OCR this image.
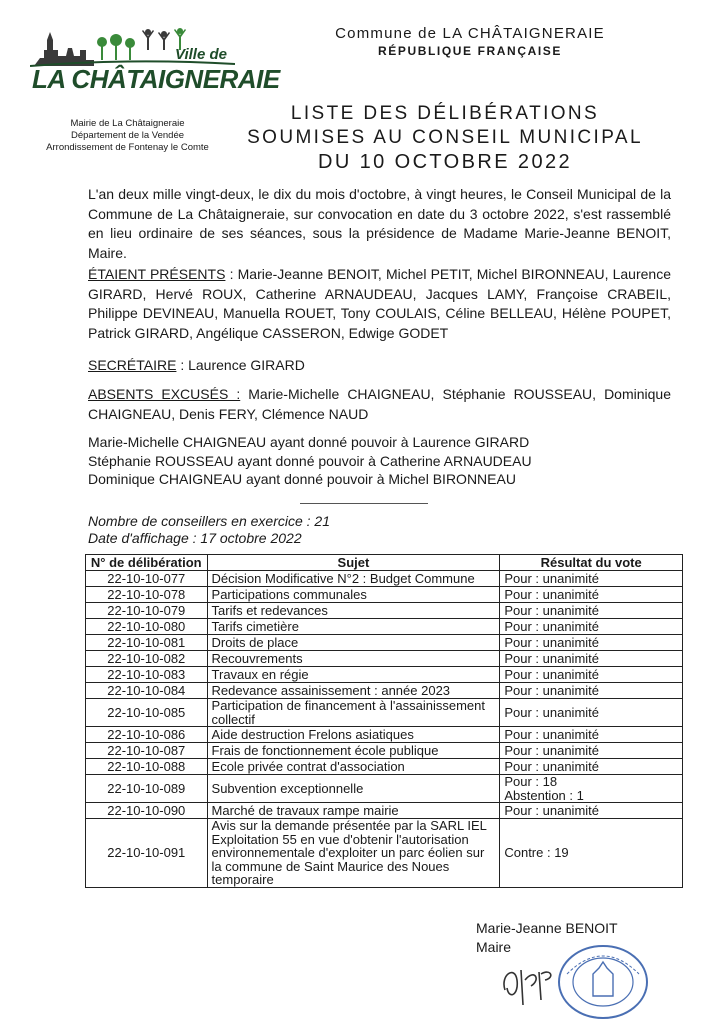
Ville de
LA CHÂTAIGNERAIE
Mairie de La Châtaigneraie
Département de la Vendée
Arrondissement de Fontenay le Comte
Commune de LA CHÂTAIGNERAIE
RÉPUBLIQUE FRANÇAISE
LISTE DES DÉLIBÉRATIONS
SOUMISES AU CONSEIL MUNICIPAL
DU 10 OCTOBRE 2022
L'an deux mille vingt-deux, le dix du mois d'octobre, à vingt heures, le Conseil Municipal de la Commune de La Châtaigneraie, sur convocation en date du 3 octobre 2022, s'est rassemblé en lieu ordinaire de ses séances, sous la présidence de Madame Marie-Jeanne BENOIT, Maire.
ÉTAIENT PRÉSENTS : Marie-Jeanne BENOIT, Michel PETIT, Michel BIRONNEAU, Laurence GIRARD, Hervé ROUX, Catherine ARNAUDEAU, Jacques LAMY, Françoise CRABEIL, Philippe DEVINEAU, Manuella ROUET, Tony COULAIS, Céline BELLEAU, Hélène POUPET, Patrick GIRARD, Angélique CASSERON, Edwige GODET
SECRÉTAIRE : Laurence GIRARD
ABSENTS EXCUSÉS : Marie-Michelle CHAIGNEAU, Stéphanie ROUSSEAU, Dominique CHAIGNEAU, Denis FERY, Clémence NAUD
Marie-Michelle CHAIGNEAU ayant donné pouvoir à Laurence GIRARD
Stéphanie ROUSSEAU ayant donné pouvoir à Catherine ARNAUDEAU
Dominique CHAIGNEAU ayant donné pouvoir à Michel BIRONNEAU
Nombre de conseillers en exercice : 21
Date d'affichage : 17 octobre 2022
N° de délibération	Sujet	Résultat du vote
22-10-10-077	Décision Modificative N°2 : Budget Commune	Pour : unanimité
22-10-10-078	Participations communales	Pour : unanimité
22-10-10-079	Tarifs et redevances	Pour : unanimité
22-10-10-080	Tarifs cimetière	Pour : unanimité
22-10-10-081	Droits de place	Pour : unanimité
22-10-10-082	Recouvrements	Pour : unanimité
22-10-10-083	Travaux en régie	Pour : unanimité
22-10-10-084	Redevance assainissement : année 2023	Pour : unanimité
22-10-10-085	Participation de financement à l'assainissement collectif	Pour : unanimité
22-10-10-086	Aide destruction Frelons asiatiques	Pour : unanimité
22-10-10-087	Frais de fonctionnement école publique	Pour : unanimité
22-10-10-088	Ecole privée contrat d'association	Pour : unanimité
22-10-10-089	Subvention exceptionnelle	Pour : 18
Abstention : 1
22-10-10-090	Marché de travaux rampe mairie	Pour : unanimité
22-10-10-091	Avis sur la demande présentée par la SARL IEL Exploitation 55 en vue d'obtenir l'autorisation environnementale d'exploiter un parc éolien sur la commune de Saint Maurice des Noues temporaire	Contre : 19
Marie-Jeanne BENOIT
Maire
